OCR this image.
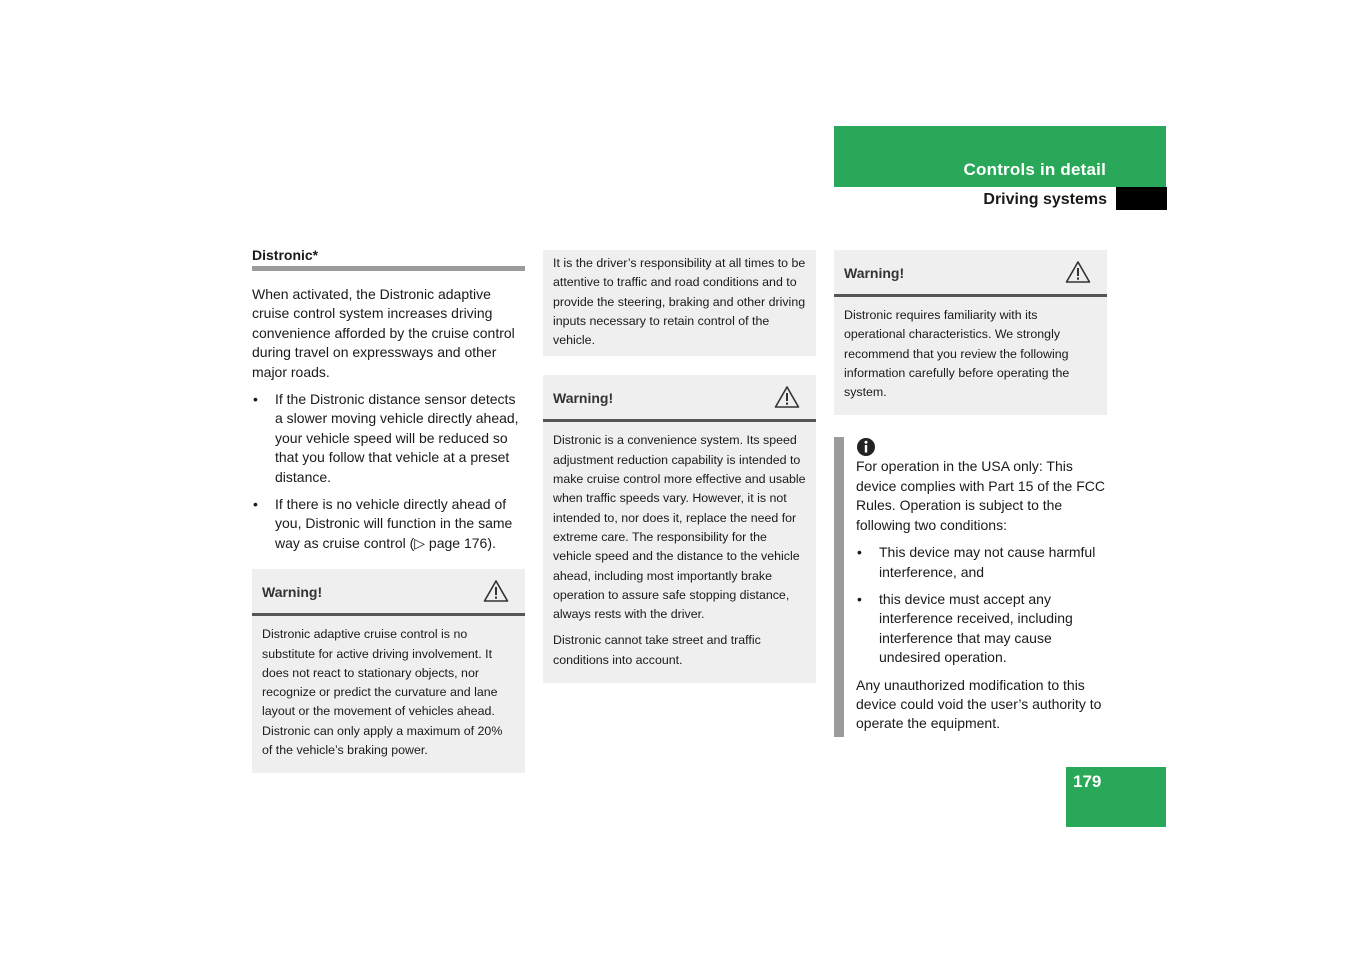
Controls in detail
Driving systems
Distronic*

When activated, the Distronic adaptive cruise control system increases driving convenience afforded by the cruise control during travel on expressways and other major roads.

• If the Distronic distance sensor detects a slower moving vehicle directly ahead, your vehicle speed will be reduced so that you follow that vehicle at a preset distance.
• If there is no vehicle directly ahead of you, Distronic will function in the same way as cruise control (▷ page 176).
Warning!

Distronic adaptive cruise control is no substitute for active driving involvement. It does not react to stationary objects, nor recognize or predict the curvature and lane layout or the movement of vehicles ahead. Distronic can only apply a maximum of 20% of the vehicle’s braking power.

It is the driver’s responsibility at all times to be attentive to traffic and road conditions and to provide the steering, braking and other driving inputs necessary to retain control of the vehicle.
Warning!

Distronic is a convenience system. Its speed adjustment reduction capability is intended to make cruise control more effective and usable when traffic speeds vary. However, it is not intended to, nor does it, replace the need for extreme care. The responsibility for the vehicle speed and the distance to the vehicle ahead, including most importantly brake operation to assure safe stopping distance, always rests with the driver.

Distronic cannot take street and traffic conditions into account.

Warning!

Distronic requires familiarity with its operational characteristics. We strongly recommend that you review the following information carefully before operating the system.

For operation in the USA only: This device complies with Part 15 of the FCC Rules. Operation is subject to the following two conditions:

• This device may not cause harmful interference, and
• this device must accept any interference received, including interference that may cause undesired operation.

Any unauthorized modification to this device could void the user’s authority to operate the equipment.

179
